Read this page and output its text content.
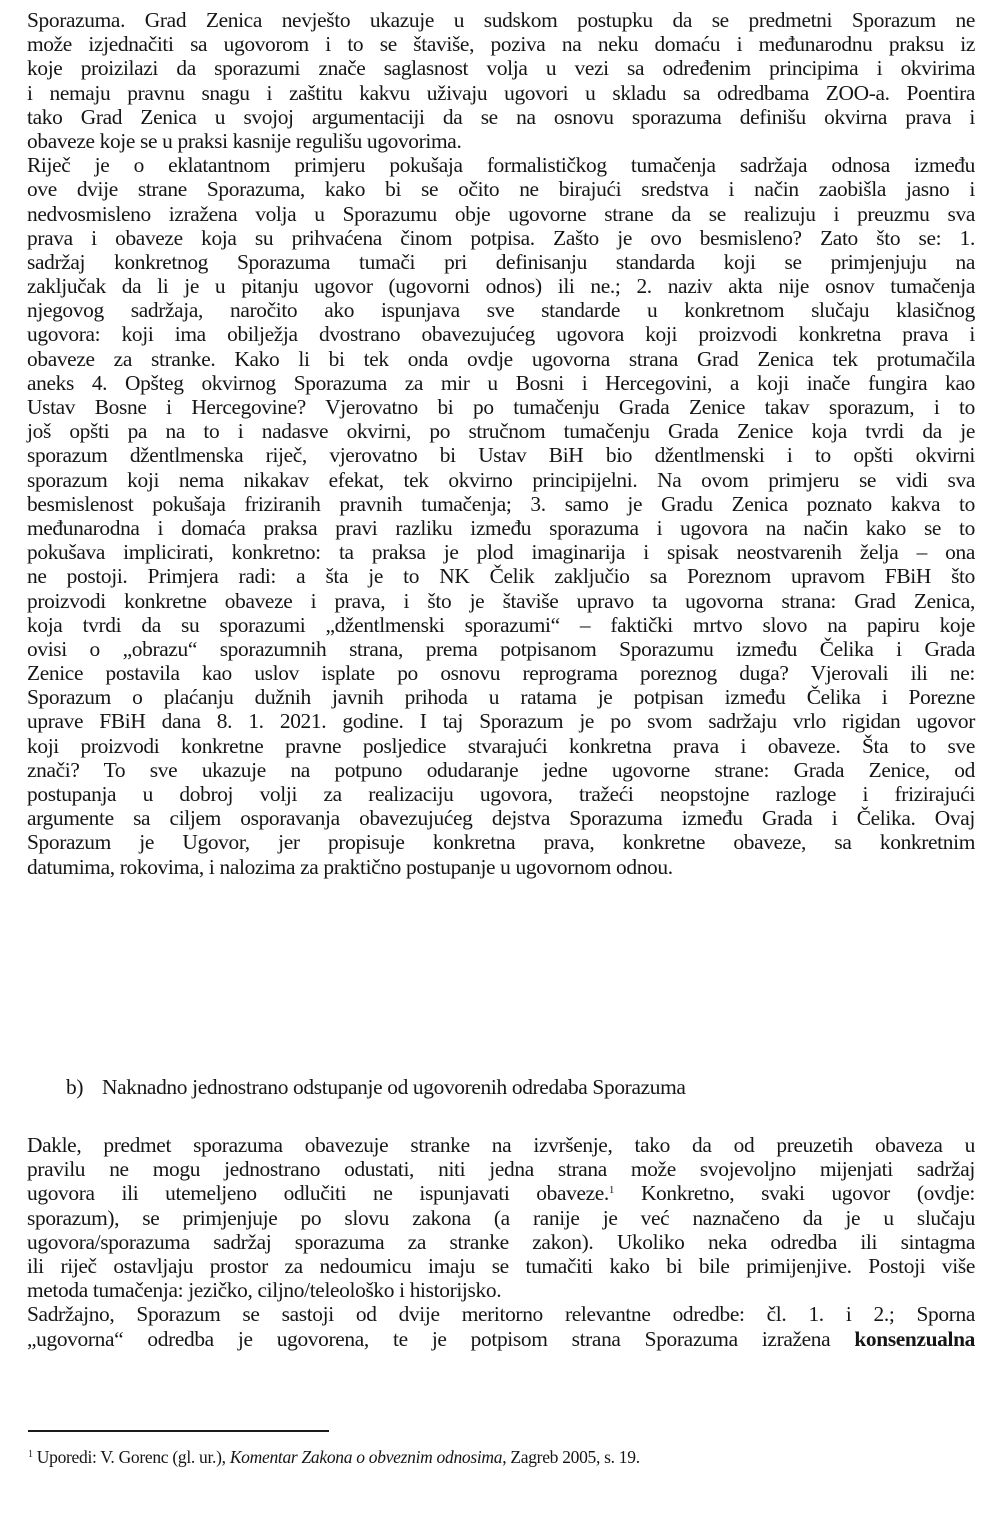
Sporazuma. Grad Zenica nevješto ukazuje u sudskom postupku da se predmetni Sporazum ne
može izjednačiti sa ugovorom i to se štaviše, poziva na neku domaću i međunarodnu praksu iz
koje proizilazi da sporazumi znače saglasnost volja u vezi sa određenim principima i okvirima
i nemaju pravnu snagu i zaštitu kakvu uživaju ugovori u skladu sa odredbama ZOO-a. Poentira
tako Grad Zenica u svojoj argumentaciji da se na osnovu sporazuma definišu okvirna prava i
obaveze koje se u praksi kasnije regulišu ugovorima.
Riječ je o eklatantnom primjeru pokušaja formalističkog tumačenja sadržaja odnosa između
ove dvije strane Sporazuma, kako bi se očito ne birajući sredstva i način zaobišla jasno i
nedvosmisleno izražena volja u Sporazumu obje ugovorne strane da se realizuju i preuzmu sva
prava i obaveze koja su prihvaćena činom potpisa. Zašto je ovo besmisleno? Zato što se: 1.
sadržaj konkretnog Sporazuma tumači pri definisanju standarda koji se primjenjuju na
zaključak da li je u pitanju ugovor (ugovorni odnos) ili ne.; 2. naziv akta nije osnov tumačenja
njegovog sadržaja, naročito ako ispunjava sve standarde u konkretnom slučaju klasičnog
ugovora: koji ima obilježja dvostrano obavezujućeg ugovora koji proizvodi konkretna prava i
obaveze za stranke. Kako li bi tek onda ovdje ugovorna strana Grad Zenica tek protumačila
aneks 4. Opšteg okvirnog Sporazuma za mir u Bosni i Hercegovini, a koji inače fungira kao
Ustav Bosne i Hercegovine? Vjerovatno bi po tumačenju Grada Zenice takav sporazum, i to
još opšti pa na to i nadasve okvirni, po stručnom tumačenju Grada Zenice koja tvrdi da je
sporazum džentlmenska riječ, vjerovatno bi Ustav BiH bio džentlmenski i to opšti okvirni
sporazum koji nema nikakav efekat, tek okvirno principijelni. Na ovom primjeru se vidi sva
besmislenost pokušaja friziranih pravnih tumačenja; 3. samo je Gradu Zenica poznato kakva to
međunarodna i domaća praksa pravi razliku između sporazuma i ugovora na način kako se to
pokušava implicirati, konkretno: ta praksa je plod imaginarija i spisak neostvarenih želja – ona
ne postoji. Primjera radi: a šta je to NK Čelik zaključio sa Poreznom upravom FBiH što
proizvodi konkretne obaveze i prava, i što je štaviše upravo ta ugovorna strana: Grad Zenica,
koja tvrdi da su sporazumi „džentlmenski sporazumi“ – faktički mrtvo slovo na papiru koje
ovisi o „obrazu“ sporazumnih strana, prema potpisanom Sporazumu između Čelika i Grada
Zenice postavila kao uslov isplate po osnovu reprograma poreznog duga? Vjerovali ili ne:
Sporazum o plaćanju dužnih javnih prihoda u ratama je potpisan između Čelika i Porezne
uprave FBiH dana 8. 1. 2021. godine. I taj Sporazum je po svom sadržaju vrlo rigidan ugovor
koji proizvodi konkretne pravne posljedice stvarajući konkretna prava i obaveze. Šta to sve
znači? To sve ukazuje na potpuno odudaranje jedne ugovorne strane: Grada Zenice, od
postupanja u dobroj volji za realizaciju ugovora, tražeći neopstojne razloge i frizirajući
argumente sa ciljem osporavanja obavezujućeg dejstva Sporazuma između Grada i Čelika. Ovaj
Sporazum je Ugovor, jer propisuje konkretna prava, konkretne obaveze, sa konkretnim
datumima, rokovima, i nalozima za praktično postupanje u ugovornom odnou.
b) Naknadno jednostrano odstupanje od ugovorenih odredaba Sporazuma
Dakle, predmet sporazuma obavezuje stranke na izvršenje, tako da od preuzetih obaveza u
pravilu ne mogu jednostrano odustati, niti jedna strana može svojevoljno mijenjati sadržaj
ugovora ili utemeljeno odlučiti ne ispunjavati obaveze.$^1$ Konkretno, svaki ugovor (ovdje:
sporazum), se primjenjuje po slovu zakona (a ranije je već naznačeno da je u slučaju
ugovora/sporazuma sadržaj sporazuma za stranke zakon). Ukoliko neka odredba ili sintagma
ili riječ ostavljaju prostor za nedoumicu imaju se tumačiti kako bi bile primijenjive. Postoji više
metoda tumačenja: jezičko, ciljno/teleološko i historijsko.
Sadržajno, Sporazum se sastoji od dvije meritorno relevantne odredbe: čl. 1. i 2.; Sporna
„ugovorna“ odredba je ugovorena, te je potpisom strana Sporazuma izražena konsenzualna
$^1$ Uporedi: V. Gorenc (gl. ur.), Komentar Zakona o obveznim odnosima, Zagreb 2005, s. 19.
